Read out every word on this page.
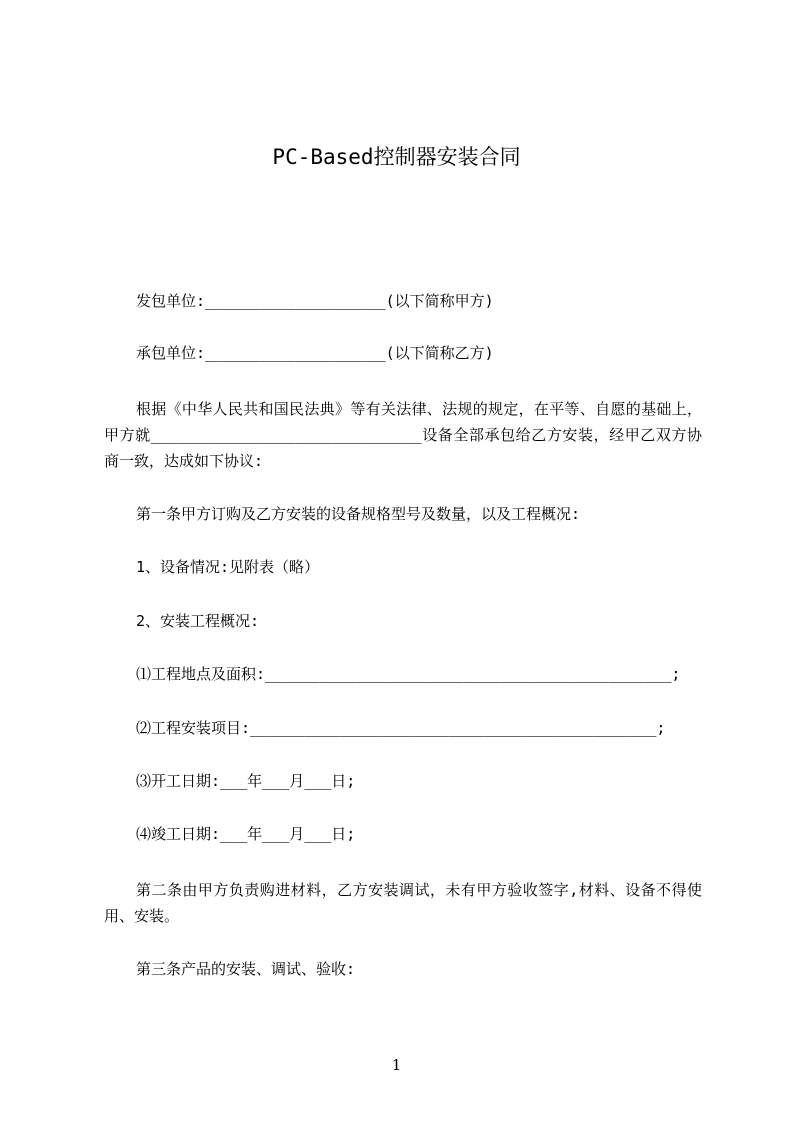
PC-Based控制器安装合同
发包单位:____________________(以下简称甲方)
承包单位:____________________(以下简称乙方)
根据《中华人民共和国民法典》等有关法律、法规的规定，在平等、自愿的基础上，甲方就______________________________设备全部承包给乙方安装，经甲乙双方协商一致，达成如下协议:
第一条甲方订购及乙方安装的设备规格型号及数量，以及工程概况:
1、设备情况:见附表（略）
2、安装工程概况:
⑴工程地点及面积:_____________________________________________;
⑵工程安装项目:_____________________________________________;
⑶开工日期:___年___月___日;
⑷竣工日期:___年___月___日;
第二条由甲方负责购进材料，乙方安装调试，未有甲方验收签字,材料、设备不得使用、安装。
第三条产品的安装、调试、验收:
1
